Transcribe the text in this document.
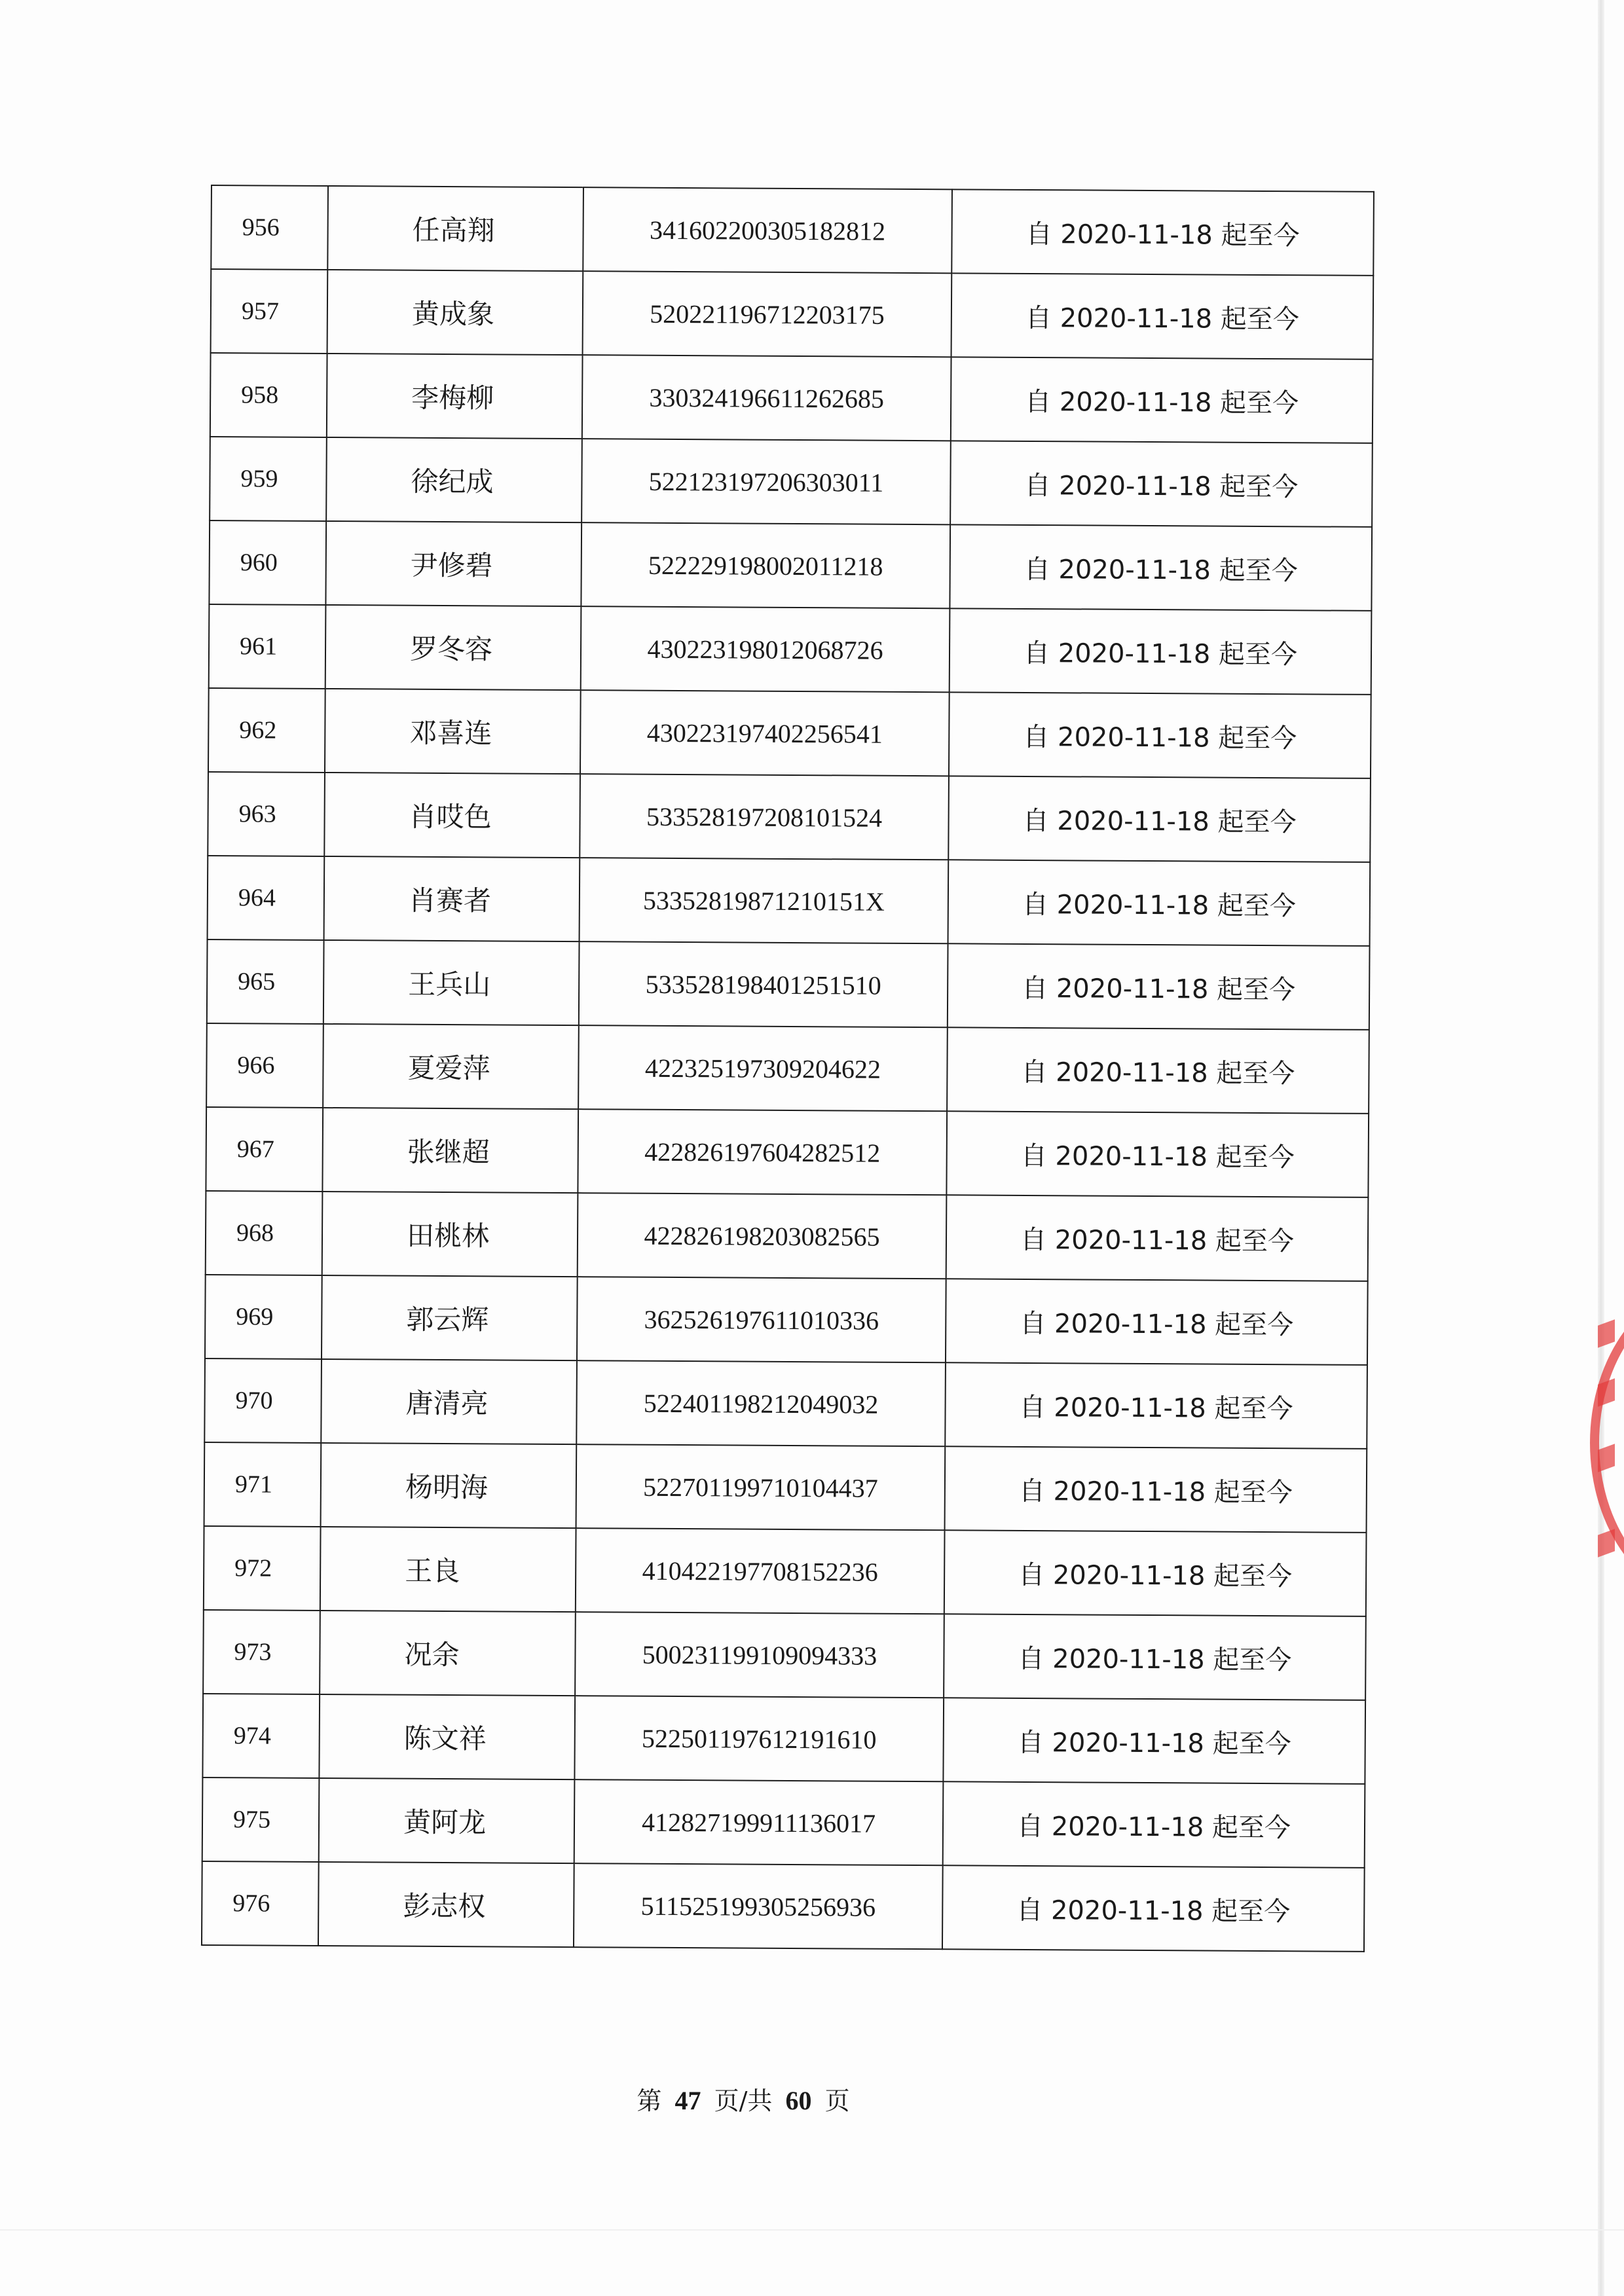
956	任高翔	341602200305182812	自 2020-11-18 起至今
957	黄成象	520221196712203175	自 2020-11-18 起至今
958	李梅柳	330324196611262685	自 2020-11-18 起至今
959	徐纪成	522123197206303011	自 2020-11-18 起至今
960	尹修碧	522229198002011218	自 2020-11-18 起至今
961	罗冬容	430223198012068726	自 2020-11-18 起至今
962	邓喜连	430223197402256541	自 2020-11-18 起至今
963	肖哎色	533528197208101524	自 2020-11-18 起至今
964	肖赛者	53352819871210151X	自 2020-11-18 起至今
965	王兵山	533528198401251510	自 2020-11-18 起至今
966	夏爱萍	422325197309204622	自 2020-11-18 起至今
967	张继超	422826197604282512	自 2020-11-18 起至今
968	田桃林	422826198203082565	自 2020-11-18 起至今
969	郭云辉	362526197611010336	自 2020-11-18 起至今
970	唐清亮	522401198212049032	自 2020-11-18 起至今
971	杨明海	522701199710104437	自 2020-11-18 起至今
972	王良	410422197708152236	自 2020-11-18 起至今
973	况余	500231199109094333	自 2020-11-18 起至今
974	陈文祥	522501197612191610	自 2020-11-18 起至今
975	黄阿龙	412827199911136017	自 2020-11-18 起至今
976	彭志权	511525199305256936	自 2020-11-18 起至今
第 47 页/共 60 页
